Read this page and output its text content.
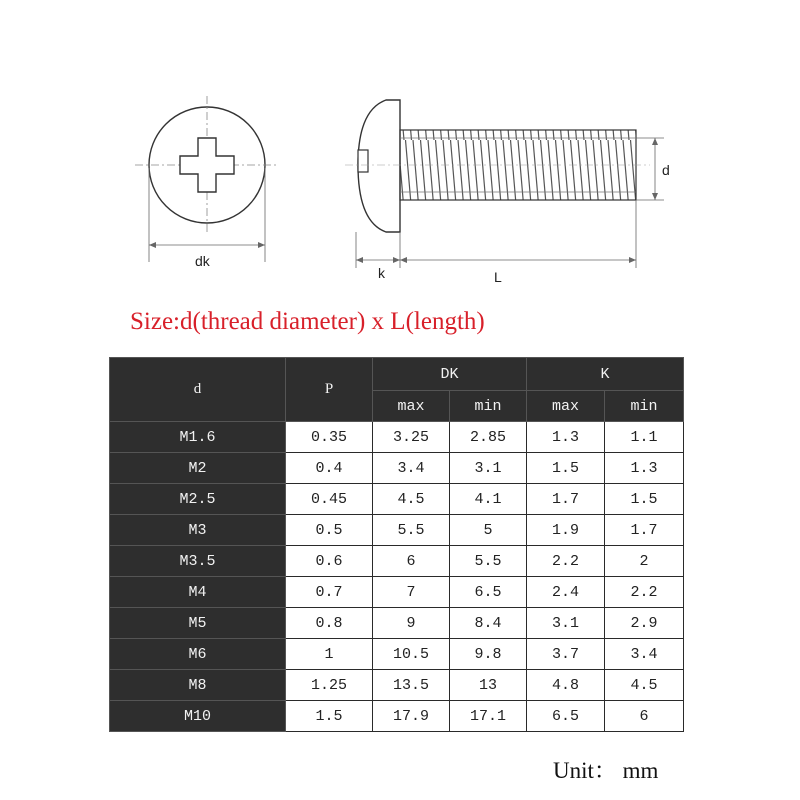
dk
k	L
d
Size:d(thread diameter) x L(length)
d	P	DK		K	
		max	min	max	min
M1.6	0.35	3.25	2.85	1.3	1.1
M2	0.4	3.4	3.1	1.5	1.3
M2.5	0.45	4.5	4.1	1.7	1.5
M3	0.5	5.5	5	1.9	1.7
M3.5	0.6	6	5.5	2.2	2
M4	0.7	7	6.5	2.4	2.2
M5	0.8	9	8.4	3.1	2.9
M6	1	10.5	9.8	3.7	3.4
M8	1.25	13.5	13	4.8	4.5
M10	1.5	17.9	17.1	6.5	6
Unit： mm
